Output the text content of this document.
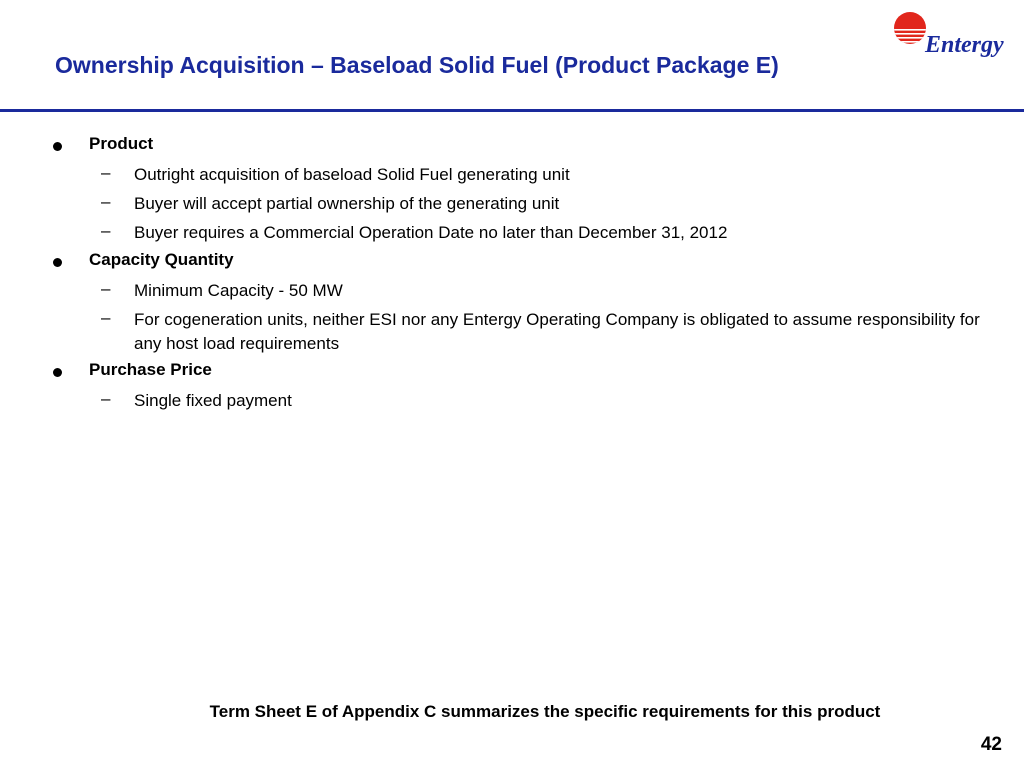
Ownership Acquisition – Baseload Solid Fuel (Product Package E)
Entergy
Product
– Outright acquisition of baseload Solid Fuel generating unit
– Buyer will accept partial ownership of the generating unit
– Buyer requires a Commercial Operation Date no later than December 31, 2012
Capacity Quantity
– Minimum Capacity - 50 MW
– For cogeneration units, neither ESI nor any Entergy Operating Company is obligated to assume responsibility for any host load requirements
Purchase Price
– Single fixed payment
Term Sheet E of Appendix C summarizes the specific requirements for this product
42
